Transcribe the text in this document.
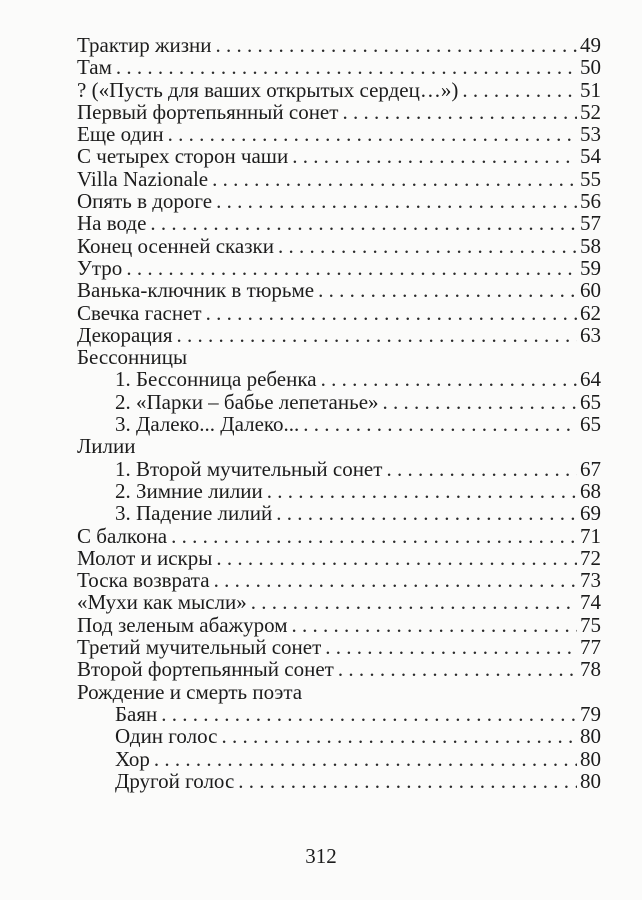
Трактир жизни . . .	49
Там . . .	50
? («Пусть для ваших открытых сердец…») . . .	51
Первый фортепьянный сонет . . .	52
Еще один . . .	53
С четырех сторон чаши . . .	54
Villa Nazionale . . .	55
Опять в дороге . . .	56
На воде . . .	57
Конец осенней сказки . . .	58
Утро . . .	59
Ванька-ключник в тюрьме . . .	60
Свечка гаснет . . .	62
Декорация . . .	63
Бессонницы
1. Бессонница ребенка . . .	64
2. «Парки – бабье лепетанье» . . .	65
3. Далеко... Далеко... . . .	65
Лилии
1. Второй мучительный сонет . . .	67
2. Зимние лилии . . .	68
3. Падение лилий . . .	69
С балкона . . .	71
Молот и искры . . .	72
Тоска возврата . . .	73
«Мухи как мысли» . . .	74
Под зеленым абажуром . . .	75
Третий мучительный сонет . . .	77
Второй фортепьянный сонет . . .	78
Рождение и смерть поэта
Баян . . .	79
Один голос . . .	80
Хор . . .	80
Другой голос . . .	80
312
